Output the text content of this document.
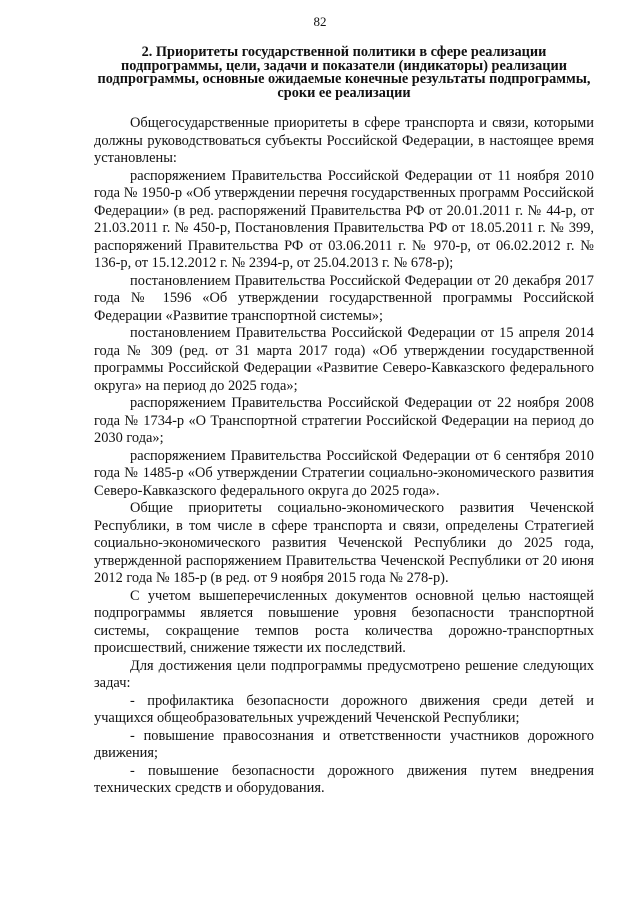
82

2. Приоритеты государственной политики в сфере реализации подпрограммы, цели, задачи и показатели (индикаторы) реализации подпрограммы, основные ожидаемые конечные результаты подпрограммы, сроки ее реализации

Общегосударственные приоритеты в сфере транспорта и связи, которыми должны руководствоваться субъекты Российской Федерации, в настоящее время установлены:

распоряжением Правительства Российской Федерации от 11 ноября 2010 года № 1950-р «Об утверждении перечня государственных программ Российской Федерации» (в ред. распоряжений Правительства РФ от 20.01.2011 г. № 44-р, от 21.03.2011 г. № 450-р, Постановления Правительства РФ от 18.05.2011 г. № 399, распоряжений Правительства РФ от 03.06.2011 г. № 970-р, от 06.02.2012 г. № 136-р, от 15.12.2012 г. № 2394-р, от 25.04.2013 г. № 678-р);

постановлением Правительства Российской Федерации от 20 декабря 2017 года № 1596 «Об утверждении государственной программы Российской Федерации «Развитие транспортной системы»;

постановлением Правительства Российской Федерации от 15 апреля 2014 года № 309 (ред. от 31 марта 2017 года) «Об утверждении государственной программы Российской Федерации «Развитие Северо-Кавказского федерального округа» на период до 2025 года»;

распоряжением Правительства Российской Федерации от 22 ноября 2008 года № 1734-р «О Транспортной стратегии Российской Федерации на период до 2030 года»;

распоряжением Правительства Российской Федерации от 6 сентября 2010 года № 1485-р «Об утверждении Стратегии социально-экономического развития Северо-Кавказского федерального округа до 2025 года».

Общие приоритеты социально-экономического развития Чеченской Республики, в том числе в сфере транспорта и связи, определены Стратегией социально-экономического развития Чеченской Республики до 2025 года, утвержденной распоряжением Правительства Чеченской Республики от 20 июня 2012 года № 185-р (в ред. от 9 ноября 2015 года № 278-р).

С учетом вышеперечисленных документов основной целью настоящей подпрограммы является повышение уровня безопасности транспортной системы, сокращение темпов роста количества дорожно-транспортных происшествий, снижение тяжести их последствий.

Для достижения цели подпрограммы предусмотрено решение следующих задач:

- профилактика безопасности дорожного движения среди детей и учащихся общеобразовательных учреждений Чеченской Республики;

- повышение правосознания и ответственности участников дорожного движения;

- повышение безопасности дорожного движения путем внедрения технических средств и оборудования.
